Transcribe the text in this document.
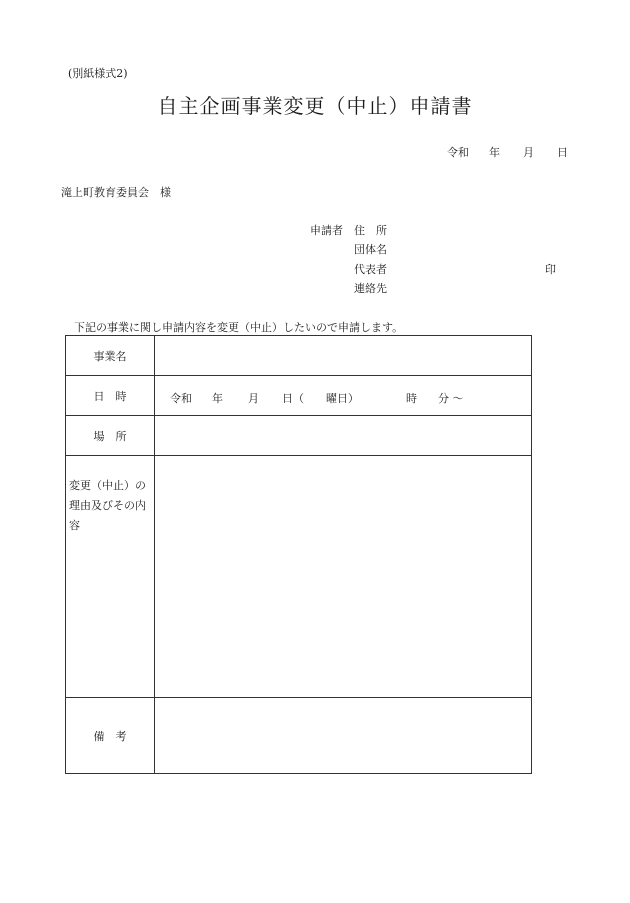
(別紙様式2)
自主企画事業変更（中止）申請書
令和 年 月 日
滝上町教育委員会　様
申請者 住　所
団体名
代表者	印
連絡先
下記の事業に関し申請内容を変更（中止）したいので申請します。
事業名
日　時	令和 年 月 日（ 曜日）	時 分 ～
場　所
変更（中止）の理由及びその内容
備　考
